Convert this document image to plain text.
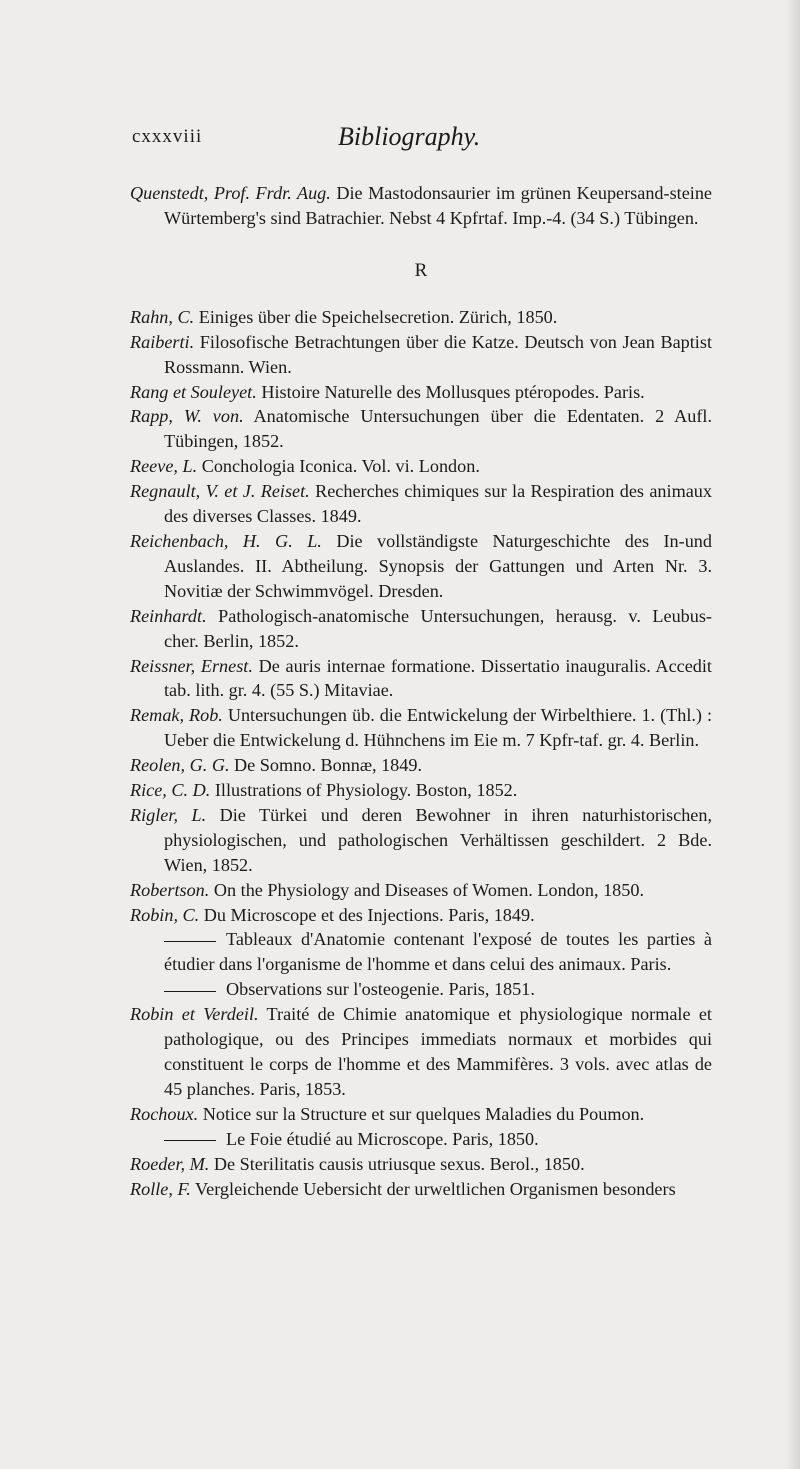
cxxxviii	Bibliography.
Quenstedt, Prof. Frdr. Aug. Die Mastodonsaurier im grünen Keupersand-steine Würtemberg's sind Batrachier. Nebst 4 Kpfrtaf. Imp.-4. (34 S.) Tübingen.
R
Rahn, C. Einiges über die Speichelsecretion. Zürich, 1850.
Raiberti. Filosofische Betrachtungen über die Katze. Deutsch von Jean Baptist Rossmann. Wien.
Rang et Souleyet. Histoire Naturelle des Mollusques ptéropodes. Paris.
Rapp, W. von. Anatomische Untersuchungen über die Edentaten. 2 Aufl. Tübingen, 1852.
Reeve, L. Conchologia Iconica. Vol. vi. London.
Regnault, V. et J. Reiset. Recherches chimiques sur la Respiration des animaux des diverses Classes. 1849.
Reichenbach, H. G. L. Die vollständigste Naturgeschichte des In-und Auslandes. II. Abtheilung. Synopsis der Gattungen und Arten Nr. 3. Novitiæ der Schwimmvögel. Dresden.
Reinhardt. Pathologisch-anatomische Untersuchungen, herausg. v. Leubus-cher. Berlin, 1852.
Reissner, Ernest. De auris internae formatione. Dissertatio inauguralis. Accedit tab. lith. gr. 4. (55 S.) Mitaviae.
Remak, Rob. Untersuchungen üb. die Entwickelung der Wirbelthiere. 1. (Thl.) : Ueber die Entwickelung d. Hühnchens im Eie m. 7 Kpfr-taf. gr. 4. Berlin.
Reolen, G. G. De Somno. Bonnæ, 1849.
Rice, C. D. Illustrations of Physiology. Boston, 1852.
Rigler, L. Die Türkei und deren Bewohner in ihren naturhistorischen, physiologischen, und pathologischen Verhältissen geschildert. 2 Bde. Wien, 1852.
Robertson. On the Physiology and Diseases of Women. London, 1850.
Robin, C. Du Microscope et des Injections. Paris, 1849.
Tableaux d'Anatomie contenant l'exposé de toutes les parties à étudier dans l'organisme de l'homme et dans celui des animaux. Paris.
Observations sur l'osteogenie. Paris, 1851.
Robin et Verdeil. Traité de Chimie anatomique et physiologique normale et pathologique, ou des Principes immediats normaux et morbides qui constituent le corps de l'homme et des Mammifères. 3 vols. avec atlas de 45 planches. Paris, 1853.
Rochoux. Notice sur la Structure et sur quelques Maladies du Poumon.
Le Foie étudié au Microscope. Paris, 1850.
Roeder, M. De Sterilitatis causis utriusque sexus. Berol., 1850.
Rolle, F. Vergleichende Uebersicht der urweltlichen Organismen besonders
